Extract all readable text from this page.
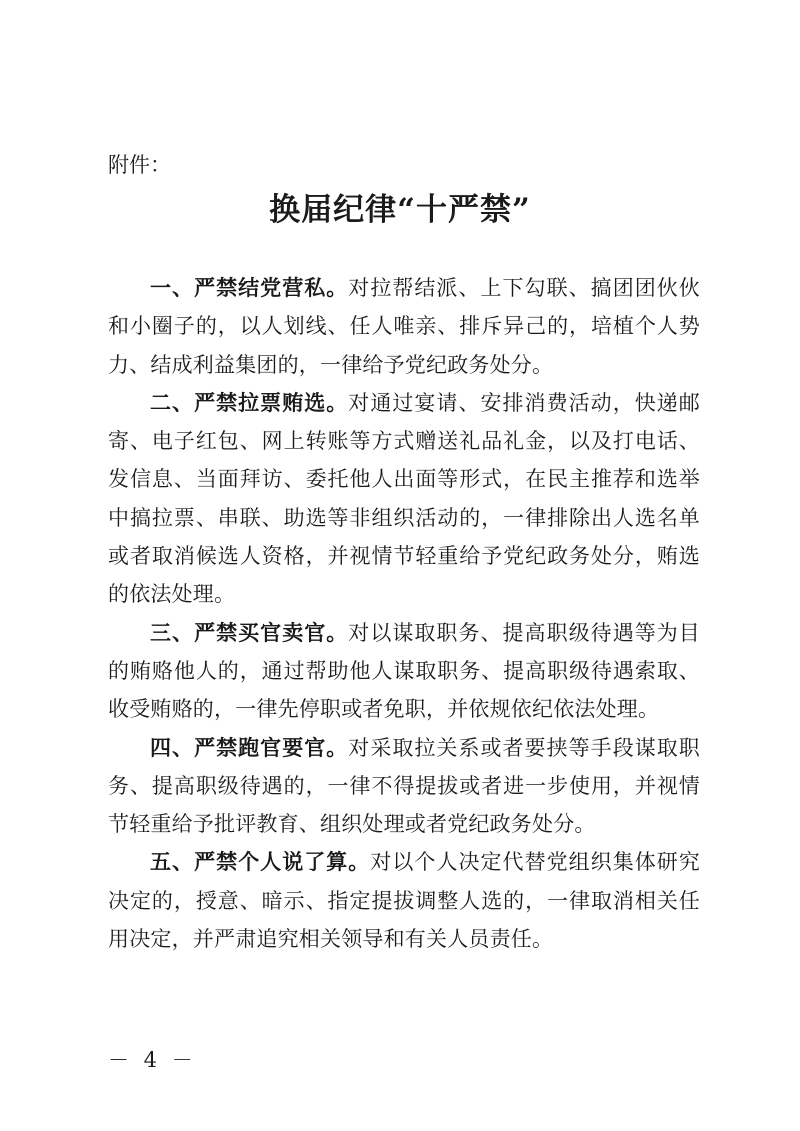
附件：
换届纪律“十严禁”

一、严禁结党营私。对拉帮结派、上下勾联、搞团团伙伙和小圈子的，以人划线、任人唯亲、排斥异己的，培植个人势力、结成利益集团的，一律给予党纪政务处分。

二、严禁拉票贿选。对通过宴请、安排消费活动，快递邮寄、电子红包、网上转账等方式赠送礼品礼金，以及打电话、发信息、当面拜访、委托他人出面等形式，在民主推荐和选举中搞拉票、串联、助选等非组织活动的，一律排除出人选名单或者取消候选人资格，并视情节轻重给予党纪政务处分，贿选的依法处理。

三、严禁买官卖官。对以谋取职务、提高职级待遇等为目的贿赂他人的，通过帮助他人谋取职务、提高职级待遇索取、收受贿赂的，一律先停职或者免职，并依规依纪依法处理。

四、严禁跑官要官。对采取拉关系或者要挟等手段谋取职务、提高职级待遇的，一律不得提拔或者进一步使用，并视情节轻重给予批评教育、组织处理或者党纪政务处分。

五、严禁个人说了算。对以个人决定代替党组织集体研究决定的，授意、暗示、指定提拔调整人选的，一律取消相关任用决定，并严肃追究相关领导和有关人员责任。

－ 4 －
